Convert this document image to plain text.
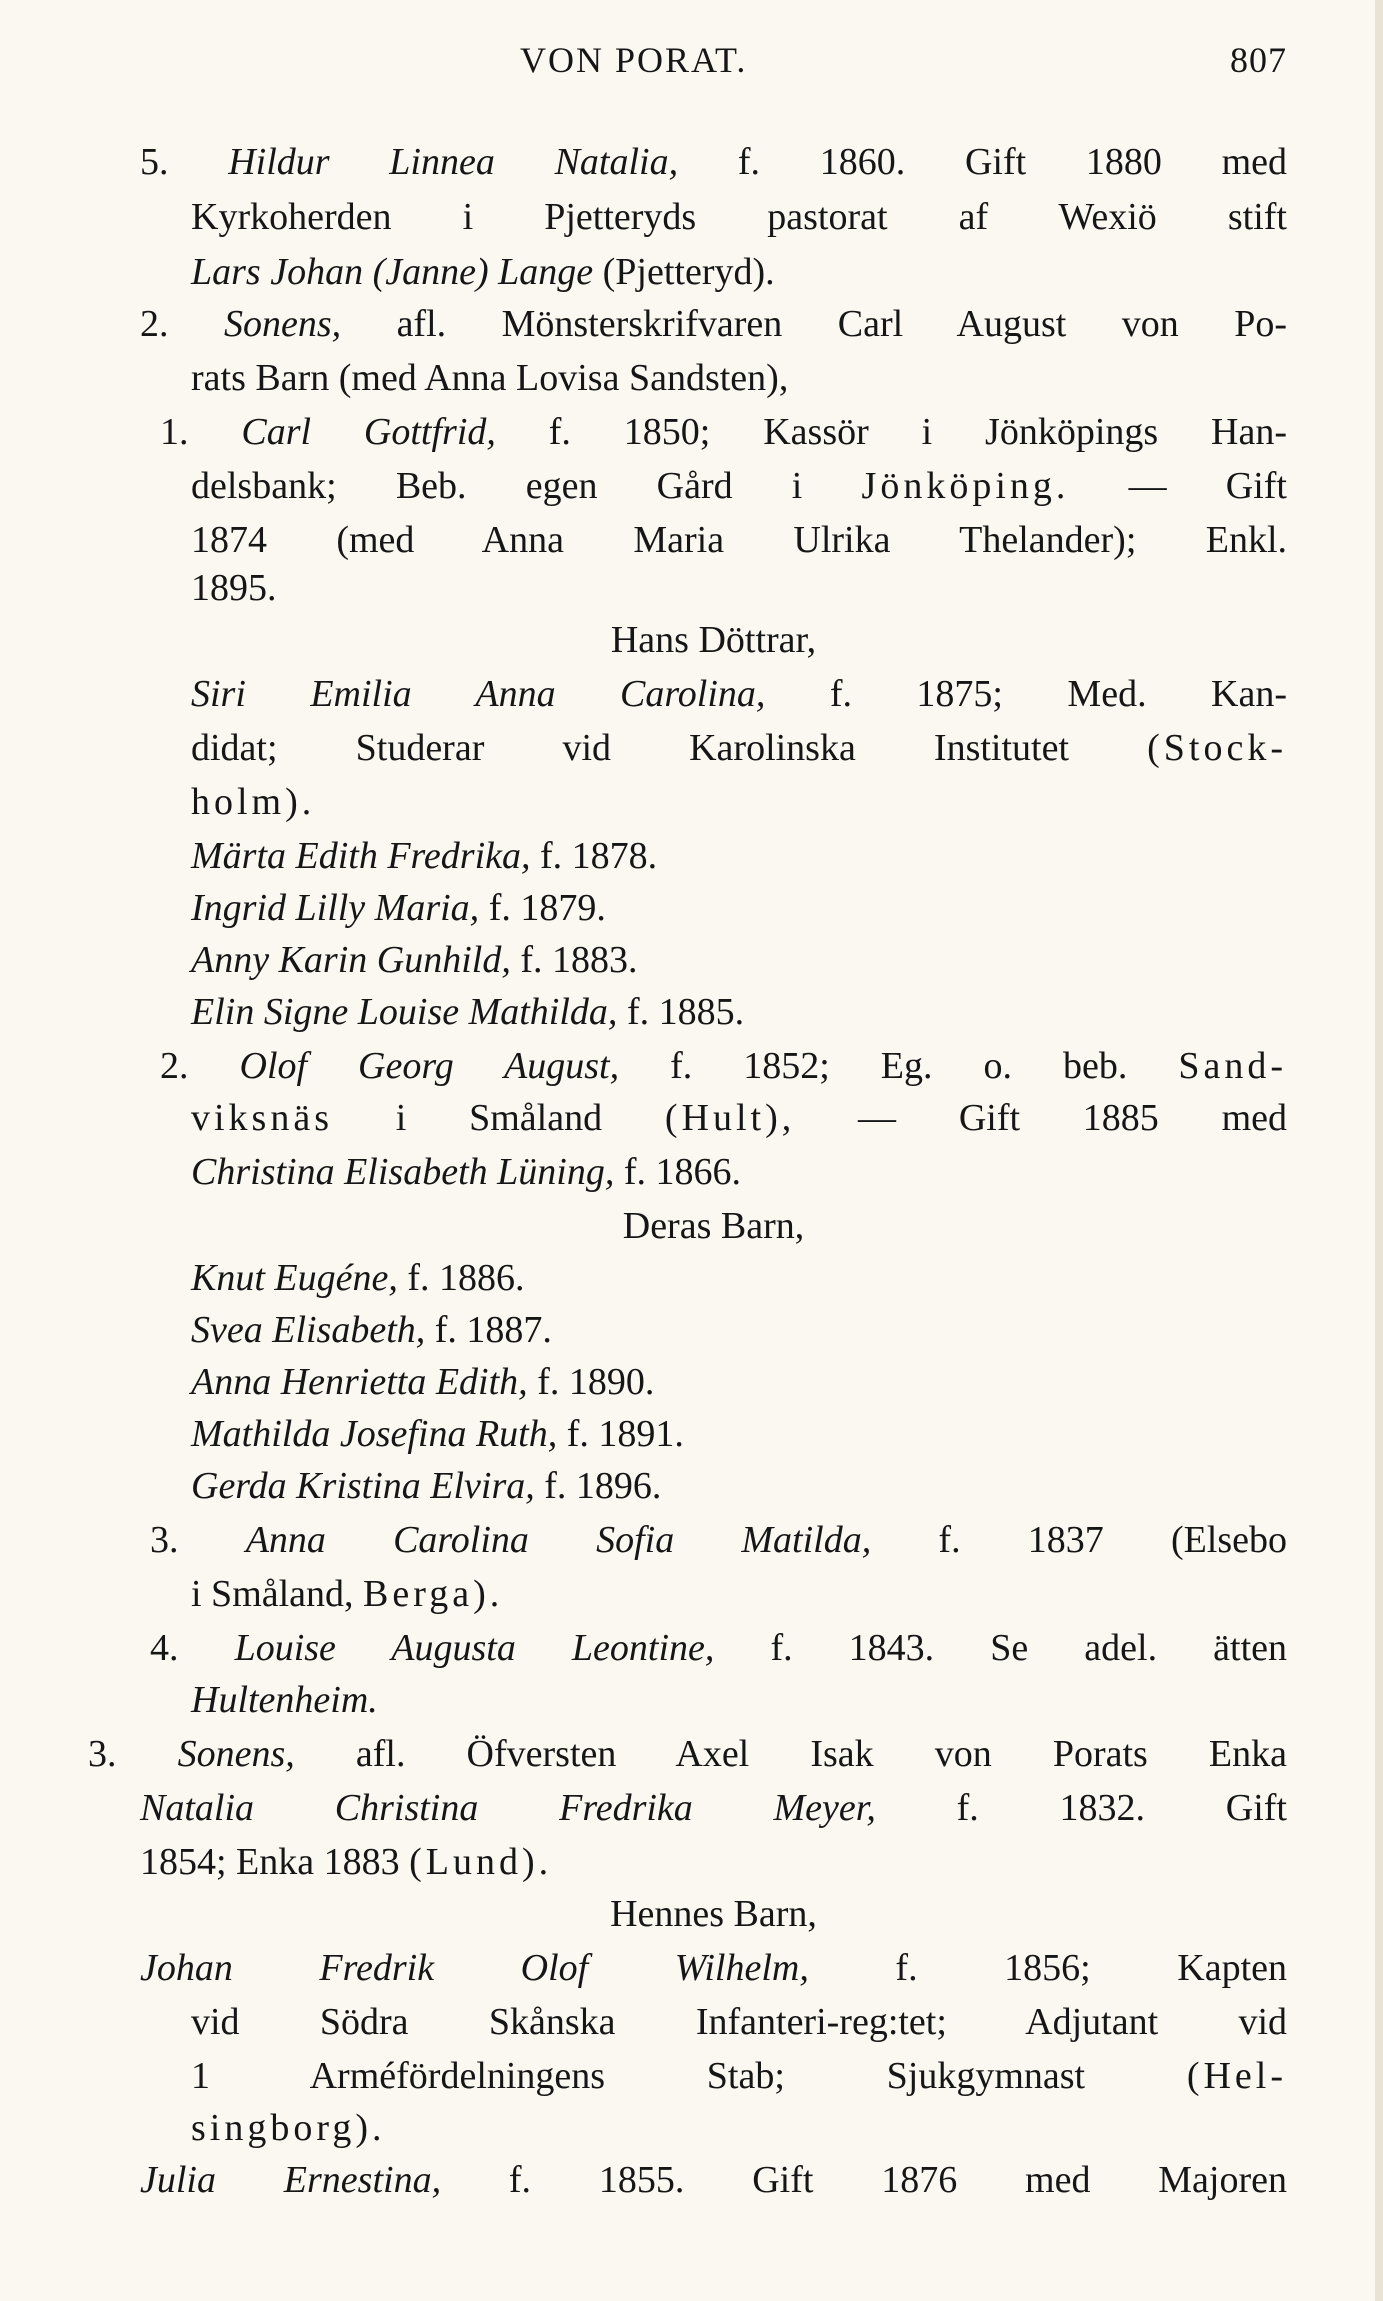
VON PORAT.	807
5. Hildur Linnea Natalia, f. 1860. Gift 1880 med
Kyrkoherden i Pjetteryds pastorat af Wexiö stift
Lars Johan (Janne) Lange (Pjetteryd).
2. Sonens, afl. Mönsterskrifvaren Carl August von Po-
rats Barn (med Anna Lovisa Sandsten),
1. Carl Gottfrid, f. 1850; Kassör i Jönköpings Han-
delsbank; Beb. egen Gård i Jönköping. — Gift
1874 (med Anna Maria Ulrika Thelander); Enkl.
1895.
Hans Döttrar,
Siri Emilia Anna Carolina, f. 1875; Med. Kan-
didat; Studerar vid Karolinska Institutet (Stock-
holm).
Märta Edith Fredrika, f. 1878.
Ingrid Lilly Maria, f. 1879.
Anny Karin Gunhild, f. 1883.
Elin Signe Louise Mathilda, f. 1885.
2. Olof Georg August, f. 1852; Eg. o. beb. Sand-
viksnäs i Småland (Hult), — Gift 1885 med
Christina Elisabeth Lüning, f. 1866.
Deras Barn,
Knut Eugéne, f. 1886.
Svea Elisabeth, f. 1887.
Anna Henrietta Edith, f. 1890.
Mathilda Josefina Ruth, f. 1891.
Gerda Kristina Elvira, f. 1896.
3. Anna Carolina Sofia Matilda, f. 1837 (Elsebo
i Småland, Berga).
4. Louise Augusta Leontine, f. 1843. Se adel. ätten
Hultenheim.
3. Sonens, afl. Öfversten Axel Isak von Porats Enka
Natalia Christina Fredrika Meyer, f. 1832. Gift
1854; Enka 1883 (Lund).
Hennes Barn,
Johan Fredrik Olof Wilhelm, f. 1856; Kapten
vid Södra Skånska Infanteri-reg:tet; Adjutant vid
1 Arméfördelningens Stab; Sjukgymnast	(Hel-
singborg).
Julia Ernestina, f. 1855. Gift 1876 med Majoren
